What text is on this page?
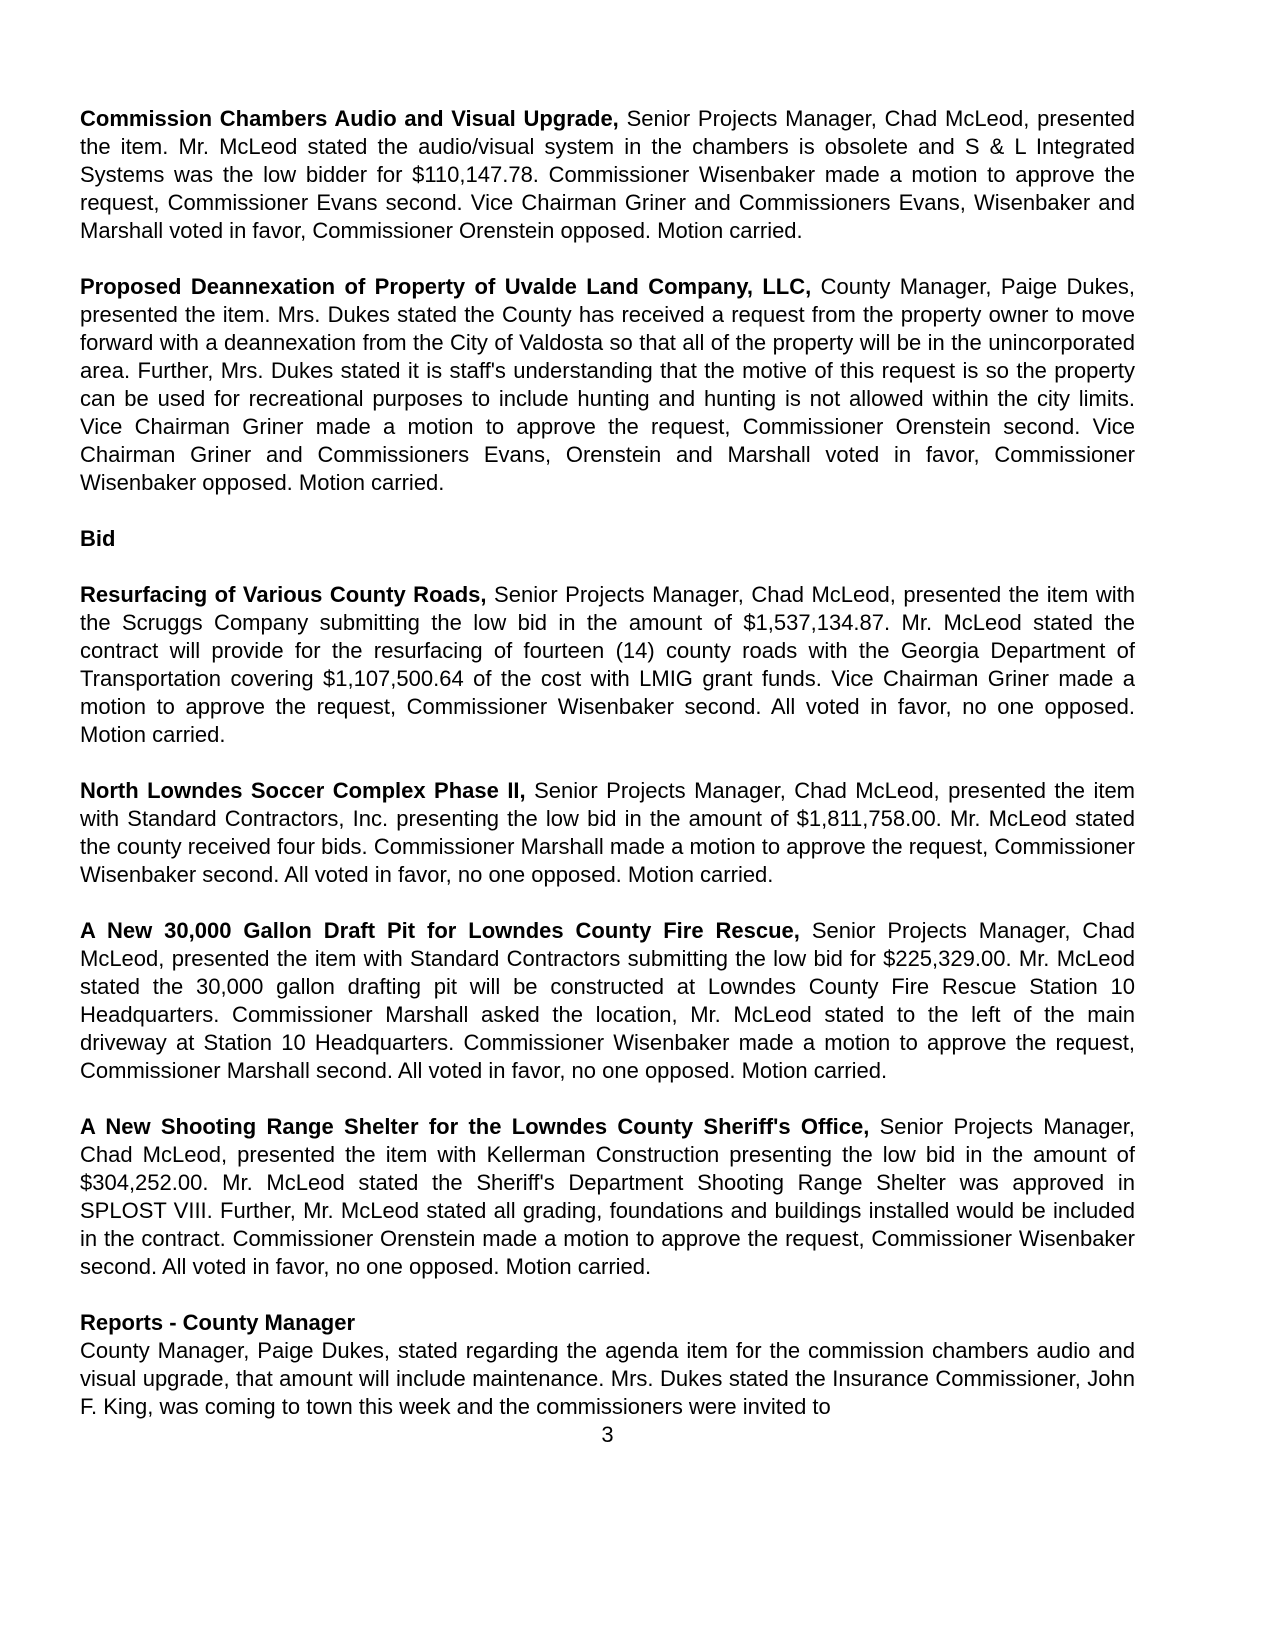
Commission Chambers Audio and Visual Upgrade, Senior Projects Manager, Chad McLeod, presented the item. Mr. McLeod stated the audio/visual system in the chambers is obsolete and S & L Integrated Systems was the low bidder for $110,147.78. Commissioner Wisenbaker made a motion to approve the request, Commissioner Evans second. Vice Chairman Griner and Commissioners Evans, Wisenbaker and Marshall voted in favor, Commissioner Orenstein opposed. Motion carried.

Proposed Deannexation of Property of Uvalde Land Company, LLC, County Manager, Paige Dukes, presented the item. Mrs. Dukes stated the County has received a request from the property owner to move forward with a deannexation from the City of Valdosta so that all of the property will be in the unincorporated area. Further, Mrs. Dukes stated it is staff's understanding that the motive of this request is so the property can be used for recreational purposes to include hunting and hunting is not allowed within the city limits. Vice Chairman Griner made a motion to approve the request, Commissioner Orenstein second. Vice Chairman Griner and Commissioners Evans, Orenstein and Marshall voted in favor, Commissioner Wisenbaker opposed. Motion carried.

Bid

Resurfacing of Various County Roads, Senior Projects Manager, Chad McLeod, presented the item with the Scruggs Company submitting the low bid in the amount of $1,537,134.87. Mr. McLeod stated the contract will provide for the resurfacing of fourteen (14) county roads with the Georgia Department of Transportation covering $1,107,500.64 of the cost with LMIG grant funds. Vice Chairman Griner made a motion to approve the request, Commissioner Wisenbaker second. All voted in favor, no one opposed. Motion carried.

North Lowndes Soccer Complex Phase II, Senior Projects Manager, Chad McLeod, presented the item with Standard Contractors, Inc. presenting the low bid in the amount of $1,811,758.00. Mr. McLeod stated the county received four bids. Commissioner Marshall made a motion to approve the request, Commissioner Wisenbaker second. All voted in favor, no one opposed. Motion carried.

A New 30,000 Gallon Draft Pit for Lowndes County Fire Rescue, Senior Projects Manager, Chad McLeod, presented the item with Standard Contractors submitting the low bid for $225,329.00. Mr. McLeod stated the 30,000 gallon drafting pit will be constructed at Lowndes County Fire Rescue Station 10 Headquarters. Commissioner Marshall asked the location, Mr. McLeod stated to the left of the main driveway at Station 10 Headquarters. Commissioner Wisenbaker made a motion to approve the request, Commissioner Marshall second. All voted in favor, no one opposed. Motion carried.

A New Shooting Range Shelter for the Lowndes County Sheriff's Office, Senior Projects Manager, Chad McLeod, presented the item with Kellerman Construction presenting the low bid in the amount of $304,252.00. Mr. McLeod stated the Sheriff's Department Shooting Range Shelter was approved in SPLOST VIII. Further, Mr. McLeod stated all grading, foundations and buildings installed would be included in the contract. Commissioner Orenstein made a motion to approve the request, Commissioner Wisenbaker second. All voted in favor, no one opposed. Motion carried.

Reports - County Manager

County Manager, Paige Dukes, stated regarding the agenda item for the commission chambers audio and visual upgrade, that amount will include maintenance. Mrs. Dukes stated the Insurance Commissioner, John F. King, was coming to town this week and the commissioners were invited to

3
